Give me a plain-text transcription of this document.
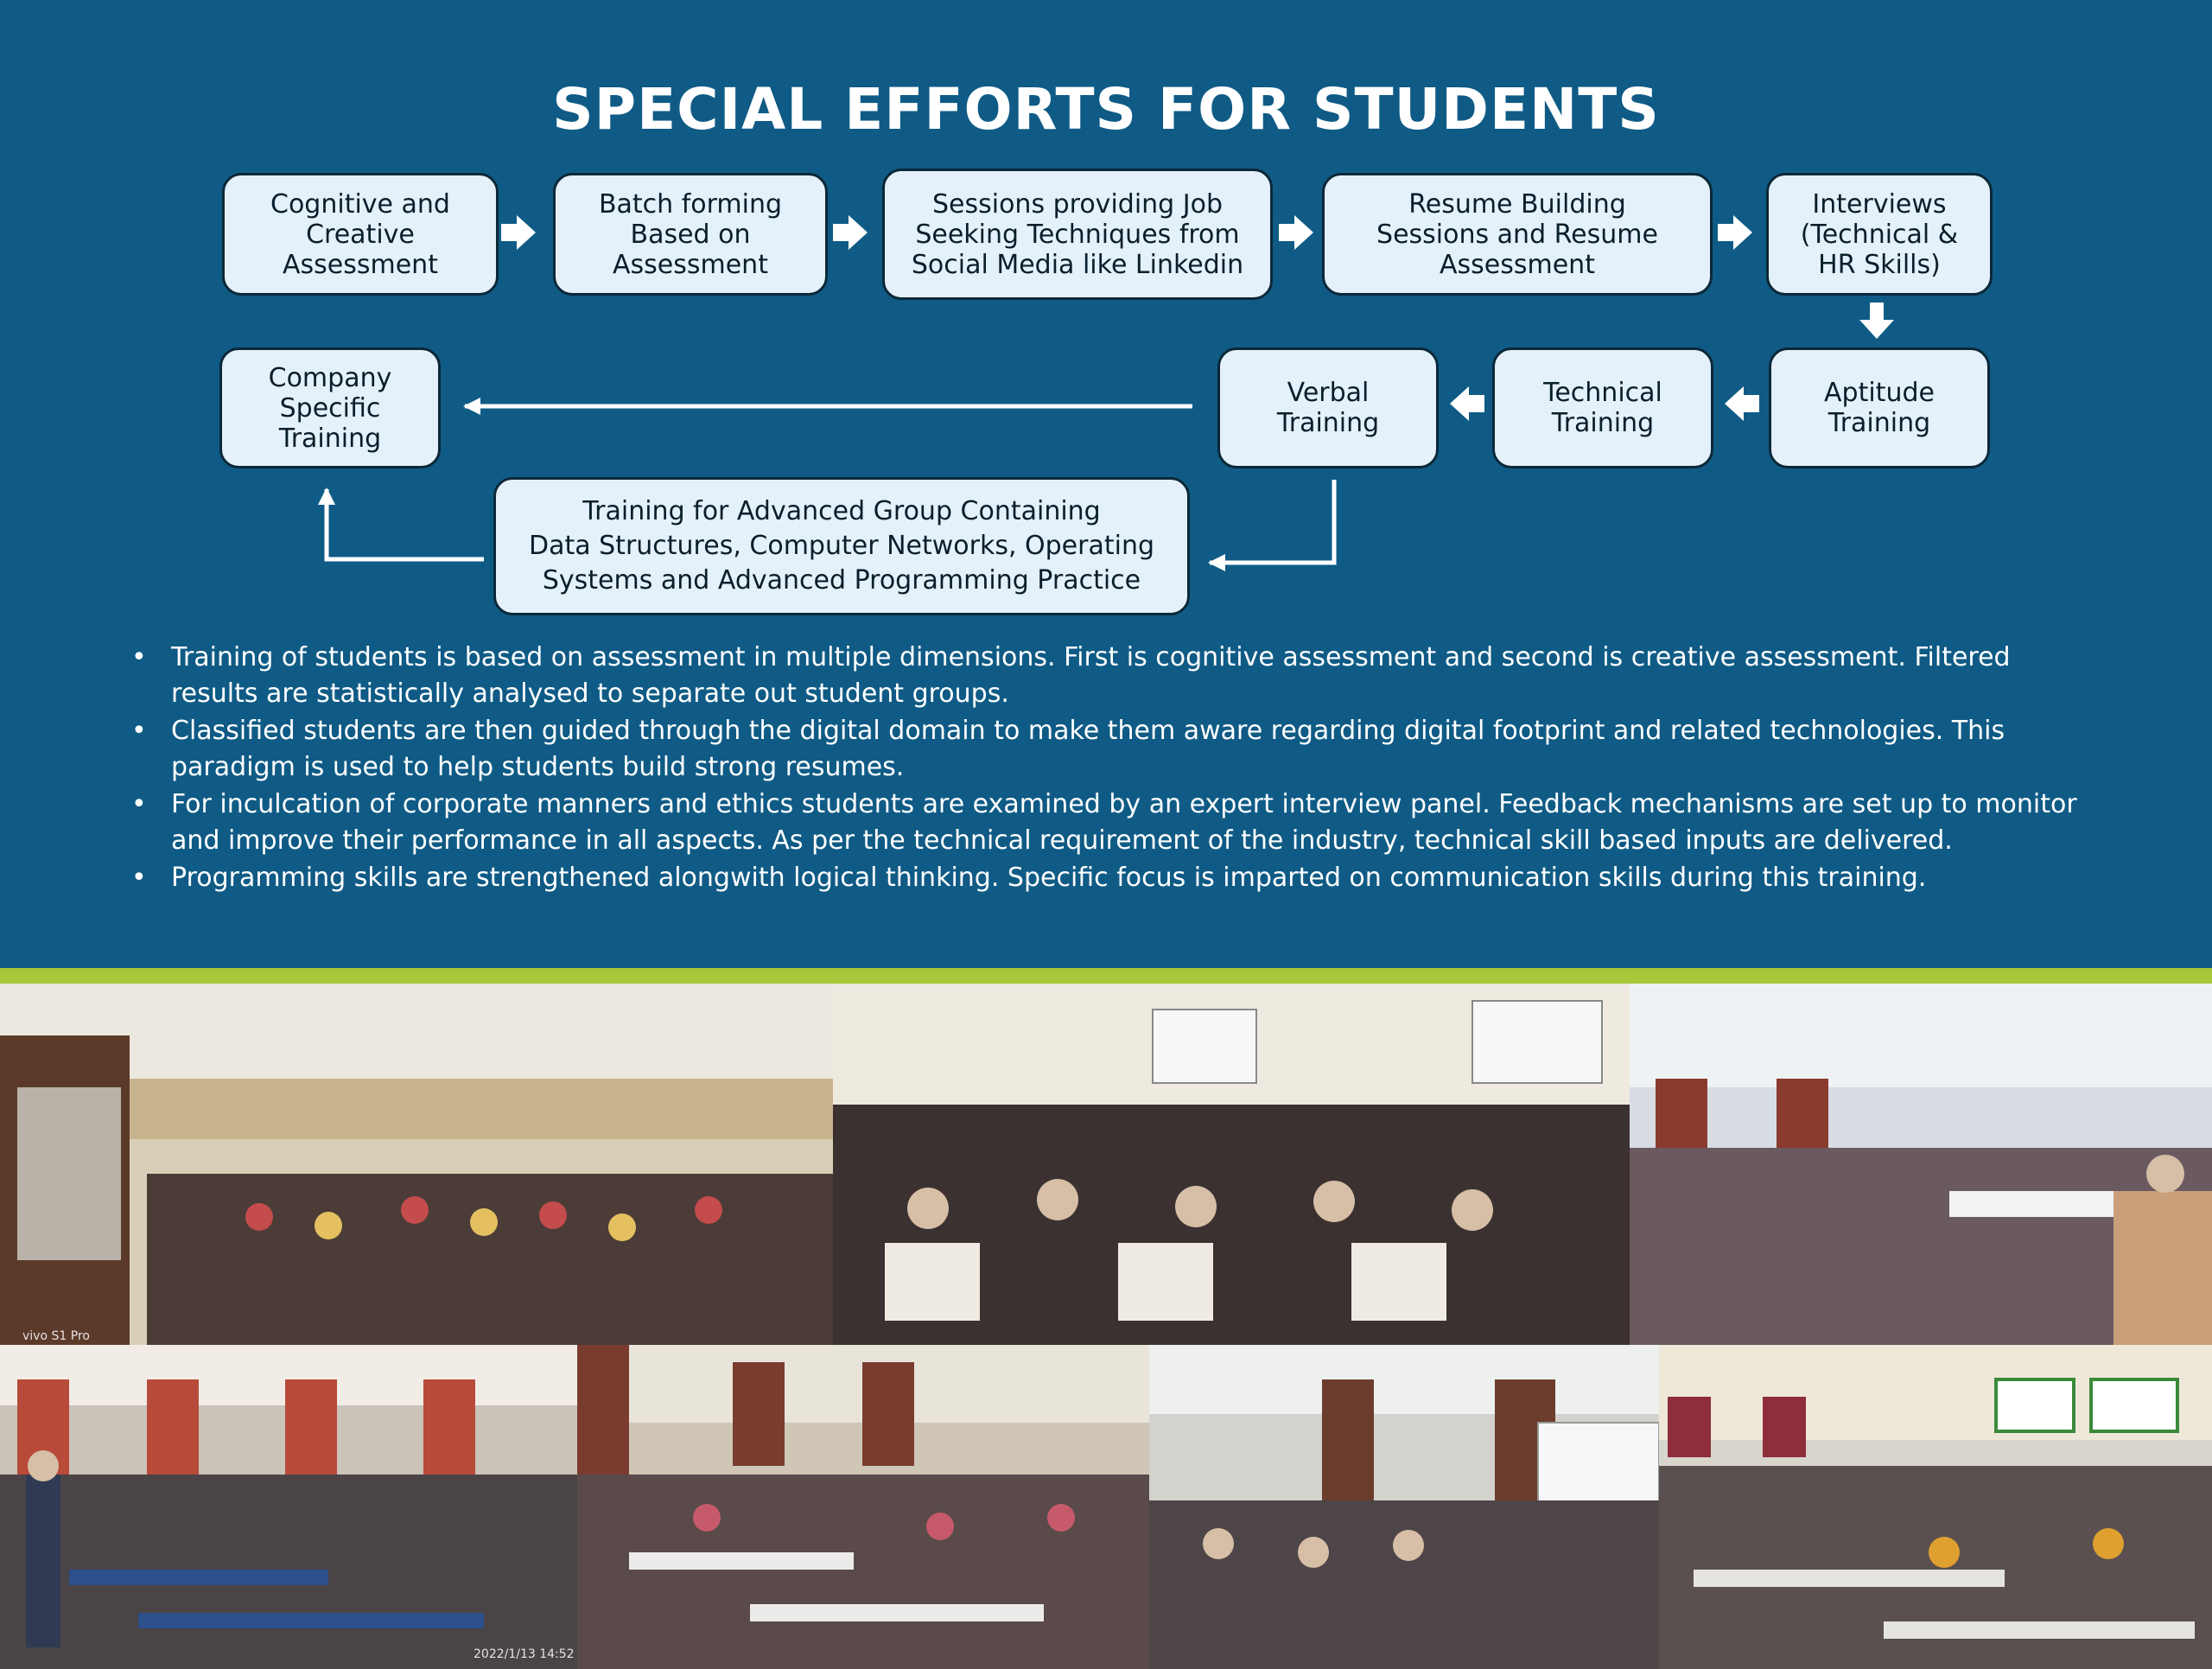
SPECIAL EFFORTS FOR STUDENTS
Cognitive and
Creative
Assessment
Batch forming
Based on
Assessment
Sessions providing Job
Seeking Techniques from
Social Media like Linkedin
Resume Building
Sessions and Resume
Assessment
Interviews
(Technical &
HR Skills)
Aptitude
Training
Technical
Training
Verbal
Training
Company
Specific
Training
Training for Advanced Group Containing
Data Structures, Computer Networks, Operating
Systems and Advanced Programming Practice
• Training of students is based on assessment in multiple dimensions. First is cognitive assessment and second is creative assessment. Filtered results are statistically analysed to separate out student groups.
• Classified students are then guided through the digital domain to make them aware regarding digital footprint and related technologies. This paradigm is used to help students build strong resumes.
• For inculcation of corporate manners and ethics students are examined by an expert interview panel. Feedback mechanisms are set up to monitor and improve their performance in all aspects. As per the technical requirement of the industry, technical skill based inputs are delivered.
• Programming skills are strengthened alongwith logical thinking. Specific focus is imparted on communication skills during this training.
vivo S1 Pro
2022/1/13 14:52
